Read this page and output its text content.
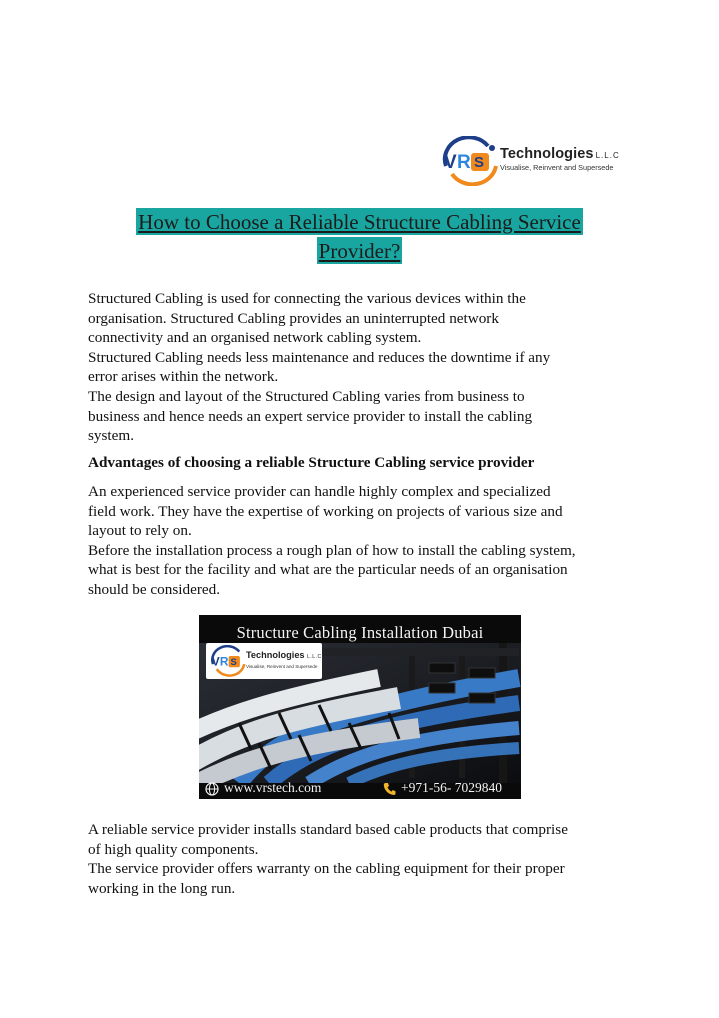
V R S Technologies L.L.C
Visualise, Reinvent and Supersede
How to Choose a Reliable Structure Cabling Service
Provider?
Structured Cabling is used for connecting the various devices within the
organisation. Structured Cabling provides an uninterrupted network
connectivity and an organised network cabling system.
Structured Cabling needs less maintenance and reduces the downtime if any
error arises within the network.
The design and layout of the Structured Cabling varies from business to
business and hence needs an expert service provider to install the cabling
system.
Advantages of choosing a reliable Structure Cabling service provider
An experienced service provider can handle highly complex and specialized
field work. They have the expertise of working on projects of various size and
layout to rely on.
Before the installation process a rough plan of how to install the cabling system,
what is best for the facility and what are the particular needs of an organisation
should be considered.
Structure Cabling Installation Dubai
V R S
Technologies L.L.C
Visualise, Reinvent and Supersede
www.vrstech.com	+971-56- 7029840
A reliable service provider installs standard based cable products that comprise
of high quality components.
The service provider offers warranty on the cabling equipment for their proper
working in the long run.
